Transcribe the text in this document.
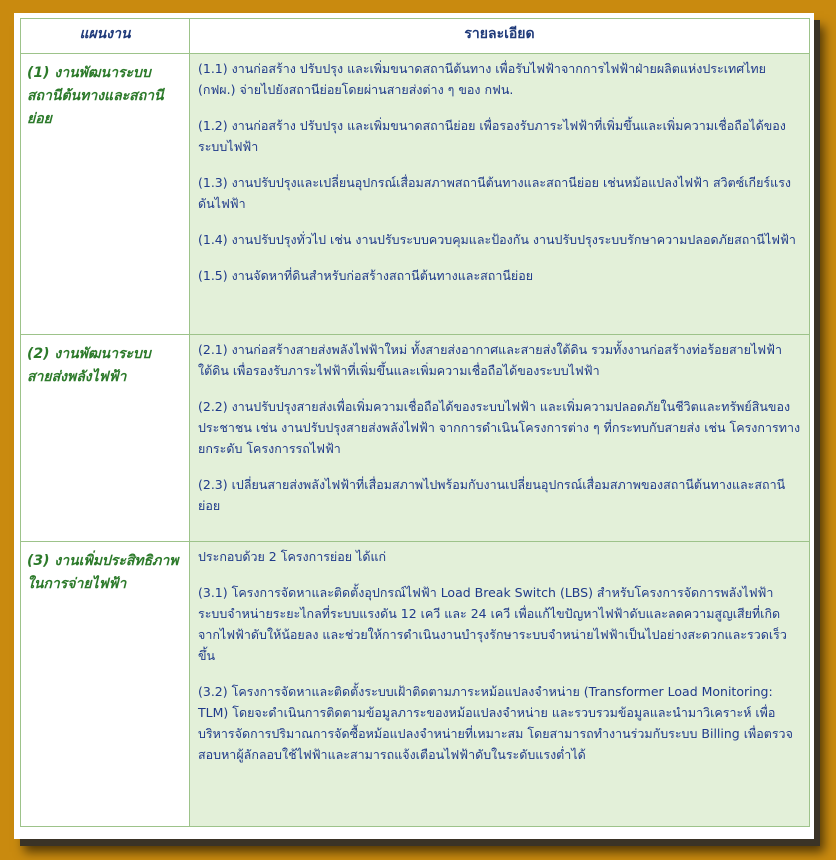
แผนงาน	รายละเอียด
(1) งานพัฒนาระบบสถานีต้นทางและสถานีย่อย	(1.1) งานก่อสร้าง ปรับปรุง และเพิ่มขนาดสถานีต้นทาง เพื่อรับไฟฟ้าจากการไฟฟ้าฝ่ายผลิตแห่งประเทศไทย (กฟผ.) จ่ายไปยังสถานีย่อยโดยผ่านสายส่งต่าง ๆ ของ กฟน.

(1.2) งานก่อสร้าง ปรับปรุง และเพิ่มขนาดสถานีย่อย เพื่อรองรับภาระไฟฟ้าที่เพิ่มขึ้นและเพิ่มความเชื่อถือได้ของระบบไฟฟ้า

(1.3) งานปรับปรุงและเปลี่ยนอุปกรณ์เสื่อมสภาพสถานีต้นทางและสถานีย่อย เช่นหม้อแปลงไฟฟ้า สวิตซ์เกียร์แรงดันไฟฟ้า

(1.4) งานปรับปรุงทั่วไป เช่น งานปรับระบบควบคุมและป้องกัน งานปรับปรุงระบบรักษาความปลอดภัยสถานีไฟฟ้า

(1.5) งานจัดหาที่ดินสำหรับก่อสร้างสถานีต้นทางและสถานีย่อย

(2) งานพัฒนาระบบสายส่งพลังไฟฟ้า	(2.1) งานก่อสร้างสายส่งพลังไฟฟ้าใหม่ ทั้งสายส่งอากาศและสายส่งใต้ดิน รวมทั้งงานก่อสร้างท่อร้อยสายไฟฟ้าใต้ดิน เพื่อรองรับภาระไฟฟ้าที่เพิ่มขึ้นและเพิ่มความเชื่อถือได้ของระบบไฟฟ้า

(2.2) งานปรับปรุงสายส่งเพื่อเพิ่มความเชื่อถือได้ของระบบไฟฟ้า และเพิ่มความปลอดภัยในชีวิตและทรัพย์สินของประชาชน เช่น งานปรับปรุงสายส่งพลังไฟฟ้า จากการดำเนินโครงการต่าง ๆ ที่กระทบกับสายส่ง เช่น โครงการทางยกระดับ โครงการรถไฟฟ้า

(2.3) เปลี่ยนสายส่งพลังไฟฟ้าที่เสื่อมสภาพไปพร้อมกับงานเปลี่ยนอุปกรณ์เสื่อมสภาพของสถานีต้นทางและสถานีย่อย

(3) งานเพิ่มประสิทธิภาพในการจ่ายไฟฟ้า	ประกอบด้วย 2 โครงการย่อย ได้แก่

(3.1) โครงการจัดหาและติดตั้งอุปกรณ์ไฟฟ้า Load Break Switch (LBS) สำหรับโครงการจัดการพลังไฟฟ้าระบบจำหน่ายระยะไกลที่ระบบแรงดัน 12 เควี และ 24 เควี เพื่อแก้ไขปัญหาไฟฟ้าดับและลดความสูญเสียที่เกิดจากไฟฟ้าดับให้น้อยลง และช่วยให้การดำเนินงานบำรุงรักษาระบบจำหน่ายไฟฟ้าเป็นไปอย่างสะดวกและรวดเร็วขึ้น

(3.2) โครงการจัดหาและติดตั้งระบบเฝ้าติดตามภาระหม้อแปลงจำหน่าย (Transformer Load Monitoring: TLM) โดยจะดำเนินการติดตามข้อมูลภาระของหม้อแปลงจำหน่าย และรวบรวมข้อมูลและนำมาวิเคราะห์ เพื่อบริหารจัดการปริมาณการจัดซื้อหม้อแปลงจำหน่ายที่เหมาะสม โดยสามารถทำงานร่วมกับระบบ Billing เพื่อตรวจสอบหาผู้ลักลอบใช้ไฟฟ้าและสามารถแจ้งเตือนไฟฟ้าดับในระดับแรงต่ำได้
